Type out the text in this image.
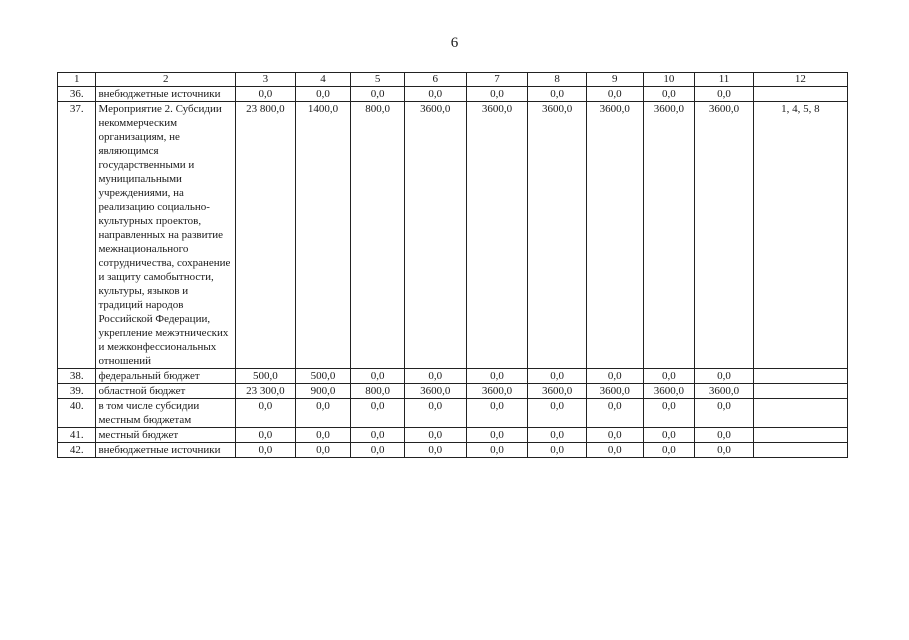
6
1	2	3	4	5	6	7	8	9	10	11	12
36.	внебюджетные источники	0,0	0,0	0,0	0,0	0,0	0,0	0,0	0,0	0,0	
37.	Мероприятие 2. Субсидии некоммерческим организациям, не являющимся государственными и муниципальными учреждениями, на реализацию социально-культурных проектов, направленных на развитие межнационального сотрудничества, сохранение и защиту самобытности, культуры, языков и традиций народов Российской Федерации, укрепление межэтнических и межконфессиональных отношений	23 800,0	1400,0	800,0	3600,0	3600,0	3600,0	3600,0	3600,0	3600,0	1, 4, 5, 8
38.	федеральный бюджет	500,0	500,0	0,0	0,0	0,0	0,0	0,0	0,0	0,0	
39.	областной бюджет	23 300,0	900,0	800,0	3600,0	3600,0	3600,0	3600,0	3600,0	3600,0	
40.	в том числе субсидии местным бюджетам	0,0	0,0	0,0	0,0	0,0	0,0	0,0	0,0	0,0	
41.	местный бюджет	0,0	0,0	0,0	0,0	0,0	0,0	0,0	0,0	0,0	
42.	внебюджетные источники	0,0	0,0	0,0	0,0	0,0	0,0	0,0	0,0	0,0	
